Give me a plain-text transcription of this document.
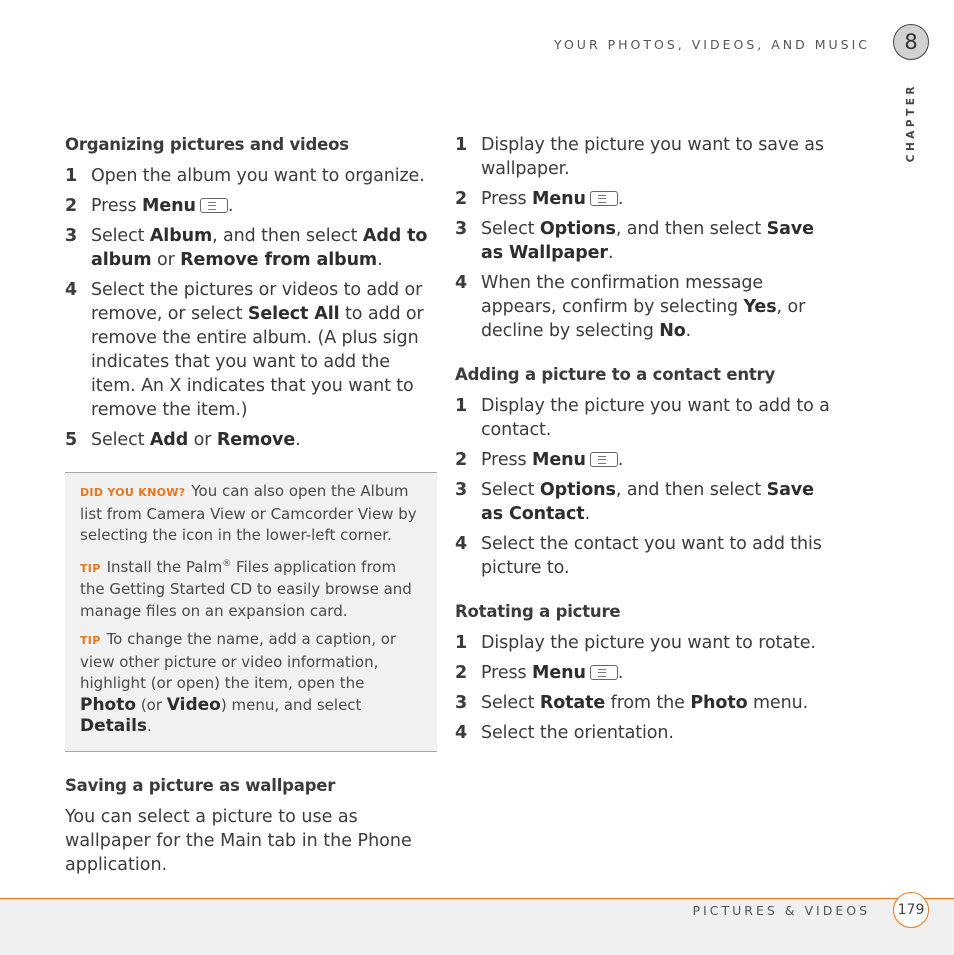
YOUR PHOTOS, VIDEOS, AND MUSIC	8
CHAPTER
Organizing pictures and videos
1 Open the album you want to organize.
2 Press Menu .
3 Select Album, and then select Add to album or Remove from album.
4 Select the pictures or videos to add or remove, or select Select All to add or remove the entire album. (A plus sign indicates that you want to add the item. An X indicates that you want to remove the item.)
5 Select Add or Remove.

DID YOU KNOW? You can also open the Album list from Camera View or Camcorder View by selecting the icon in the lower-left corner.

TIP Install the Palm® Files application from the Getting Started CD to easily browse and manage files on an expansion card.

TIP To change the name, add a caption, or view other picture or video information, highlight (or open) the item, open the Photo (or Video) menu, and select Details.

Saving a picture as wallpaper

You can select a picture to use as wallpaper for the Main tab in the Phone application.

1 Display the picture you want to save as wallpaper.
2 Press Menu .
3 Select Options, and then select Save as Wallpaper.
4 When the confirmation message appears, confirm by selecting Yes, or decline by selecting No.
Adding a picture to a contact entry
1 Display the picture you want to add to a contact.
2 Press Menu .
3 Select Options, and then select Save as Contact.
4 Select the contact you want to add this picture to.
Rotating a picture
1 Display the picture you want to rotate.
2 Press Menu .
3 Select Rotate from the Photo menu.
4 Select the orientation.
PICTURES & VIDEOS	179
